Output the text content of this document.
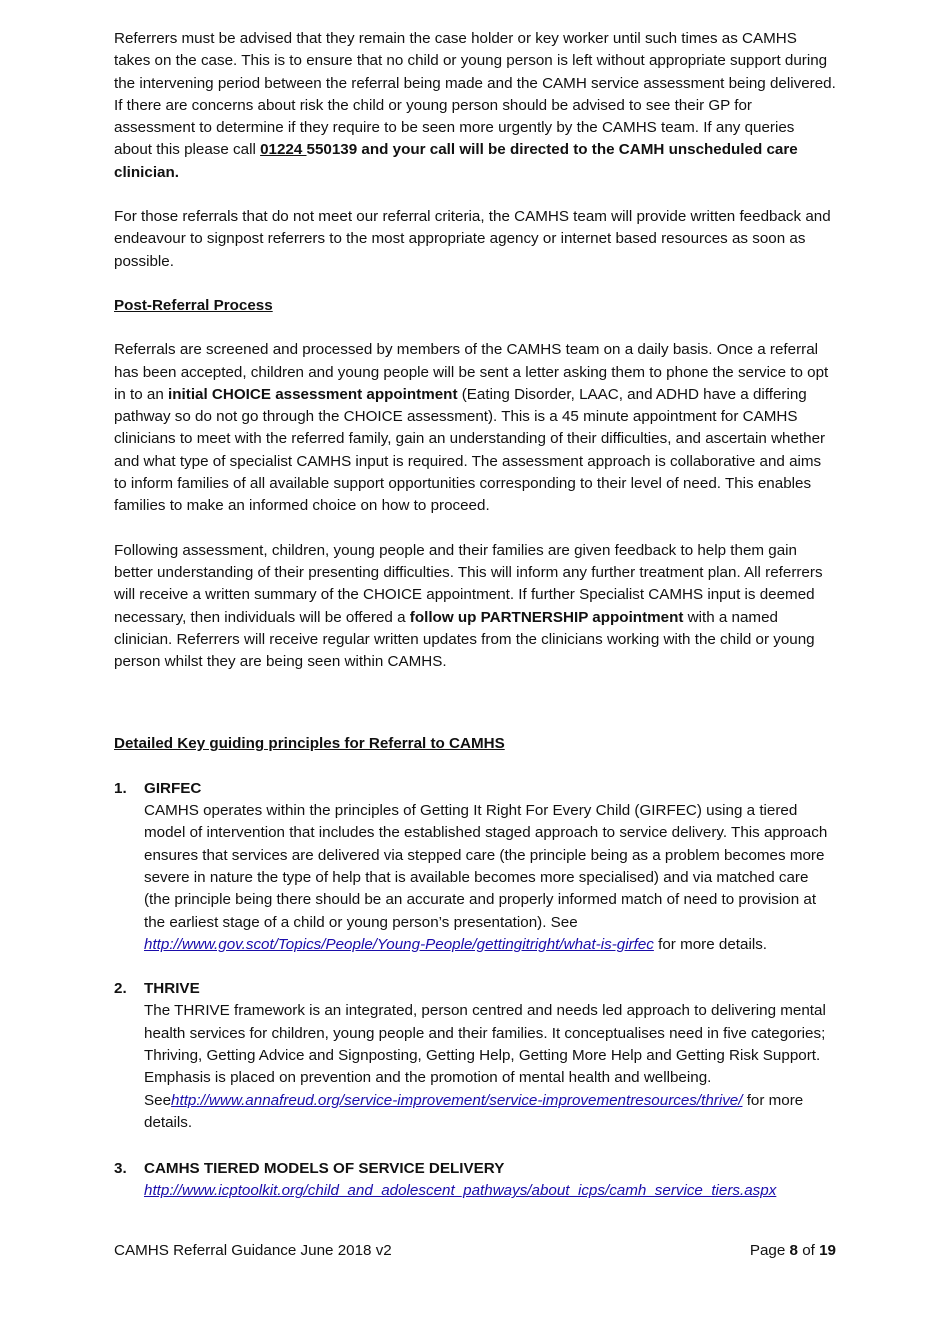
Referrers must be advised that they remain the case holder or key worker until such times as CAMHS takes on the case. This is to ensure that no child or young person is left without appropriate support during the intervening period between the referral being made and the CAMH service assessment being delivered. If there are concerns about risk the child or young person should be advised to see their GP for assessment to determine if they require to be seen more urgently by the CAMHS team. If any queries about this please call 01224 550139 and your call will be directed to the CAMH unscheduled care clinician.

For those referrals that do not meet our referral criteria, the CAMHS team will provide written feedback and endeavour to signpost referrers to the most appropriate agency or internet based resources as soon as possible.

Post-Referral Process

Referrals are screened and processed by members of the CAMHS team on a daily basis. Once a referral has been accepted, children and young people will be sent a letter asking them to phone the service to opt in to an initial CHOICE assessment appointment (Eating Disorder, LAAC, and ADHD have a differing pathway so do not go through the CHOICE assessment). This is a 45 minute appointment for CAMHS clinicians to meet with the referred family, gain an understanding of their difficulties, and ascertain whether and what type of specialist CAMHS input is required. The assessment approach is collaborative and aims to inform families of all available support opportunities corresponding to their level of need. This enables families to make an informed choice on how to proceed.

Following assessment, children, young people and their families are given feedback to help them gain better understanding of their presenting difficulties. This will inform any further treatment plan. All referrers will receive a written summary of the CHOICE appointment. If further Specialist CAMHS input is deemed necessary, then individuals will be offered a follow up PARTNERSHIP appointment with a named clinician. Referrers will receive regular written updates from the clinicians working with the child or young person whilst they are being seen within CAMHS.

Detailed Key guiding principles for Referral to CAMHS

1. GIRFEC

CAMHS operates within the principles of Getting It Right For Every Child (GIRFEC) using a tiered model of intervention that includes the established staged approach to service delivery. This approach ensures that services are delivered via stepped care (the principle being as a problem becomes more severe in nature the type of help that is available becomes more specialised) and via matched care (the principle being there should be an accurate and properly informed match of need to provision at the earliest stage of a child or young person’s presentation). See http://www.gov.scot/Topics/People/Young-People/gettingitright/what-is-girfec for more details.

2. THRIVE

The THRIVE framework is an integrated, person centred and needs led approach to delivering mental health services for children, young people and their families. It conceptualises need in five categories; Thriving, Getting Advice and Signposting, Getting Help, Getting More Help and Getting Risk Support. Emphasis is placed on prevention and the promotion of mental health and wellbeing. Seehttp://www.annafreud.org/service-improvement/service-improvementresources/thrive/ for more details.

3. CAMHS TIERED MODELS OF SERVICE DELIVERY

http://www.icptoolkit.org/child_and_adolescent_pathways/about_icps/camh_service_tiers.aspx

CAMHS Referral Guidance June 2018 v2	Page 8 of 19
